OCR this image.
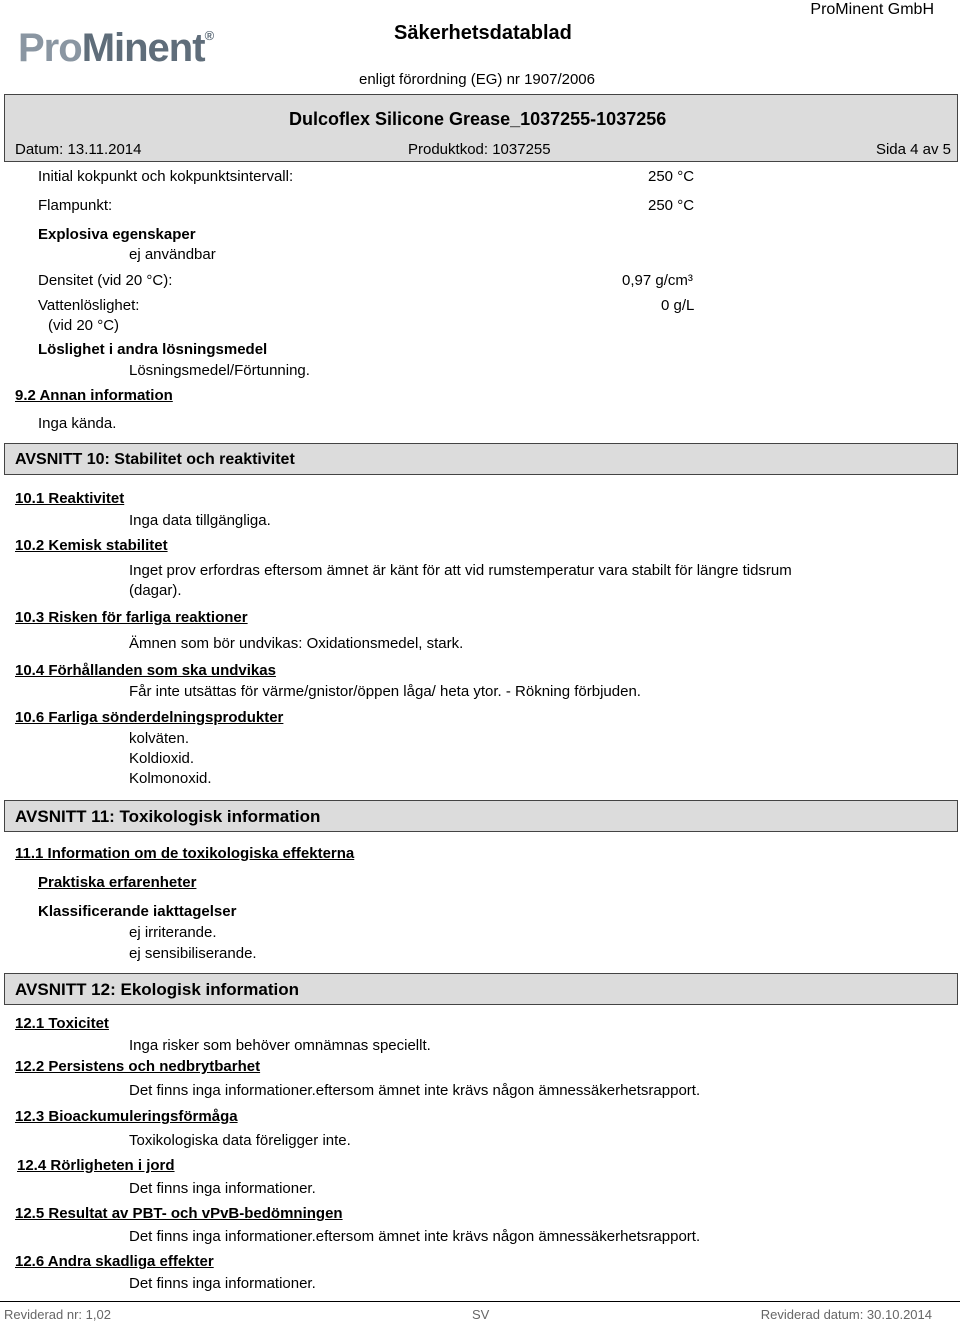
ProMinent®
ProMinent GmbH
Säkerhetsdatablad
enligt förordning (EG) nr 1907/2006
Dulcoflex Silicone Grease_1037255-1037256
Datum: 13.11.2014	Produktkod: 1037255	Sida 4 av 5
Initial kokpunkt och kokpunktsintervall:	250 °C
Flampunkt:	250 °C
Explosiva egenskaper
ej användbar
Densitet (vid 20 °C):	0,97 g/cm³
Vattenlöslighet:	0 g/L
(vid 20 °C)
Löslighet i andra lösningsmedel
Lösningsmedel/Förtunning.
9.2 Annan information
Inga kända.
AVSNITT 10: Stabilitet och reaktivitet
10.1 Reaktivitet
Inga data tillgängliga.
10.2 Kemisk stabilitet
Inget prov erfordras eftersom ämnet är känt för att vid rumstemperatur vara stabilt för längre tidsrum
(dagar).
10.3 Risken för farliga reaktioner
Ämnen som bör undvikas: Oxidationsmedel, stark.
10.4 Förhållanden som ska undvikas
Får inte utsättas för värme/gnistor/öppen låga/ heta ytor. - Rökning förbjuden.
10.6 Farliga sönderdelningsprodukter
kolväten.
Koldioxid.
Kolmonoxid.
AVSNITT 11: Toxikologisk information
11.1 Information om de toxikologiska effekterna
Praktiska erfarenheter
Klassificerande iakttagelser
ej irriterande.
ej sensibiliserande.
AVSNITT 12: Ekologisk information
12.1 Toxicitet
Inga risker som behöver omnämnas speciellt.
12.2 Persistens och nedbrytbarhet
Det finns inga informationer.eftersom ämnet inte krävs någon ämnessäkerhetsrapport.
12.3 Bioackumuleringsförmåga
Toxikologiska data föreligger inte.
12.4 Rörligheten i jord
Det finns inga informationer.
12.5 Resultat av PBT- och vPvB-bedömningen
Det finns inga informationer.eftersom ämnet inte krävs någon ämnessäkerhetsrapport.
12.6 Andra skadliga effekter
Det finns inga informationer.
Reviderad nr: 1,02	SV	Reviderad datum: 30.10.2014
